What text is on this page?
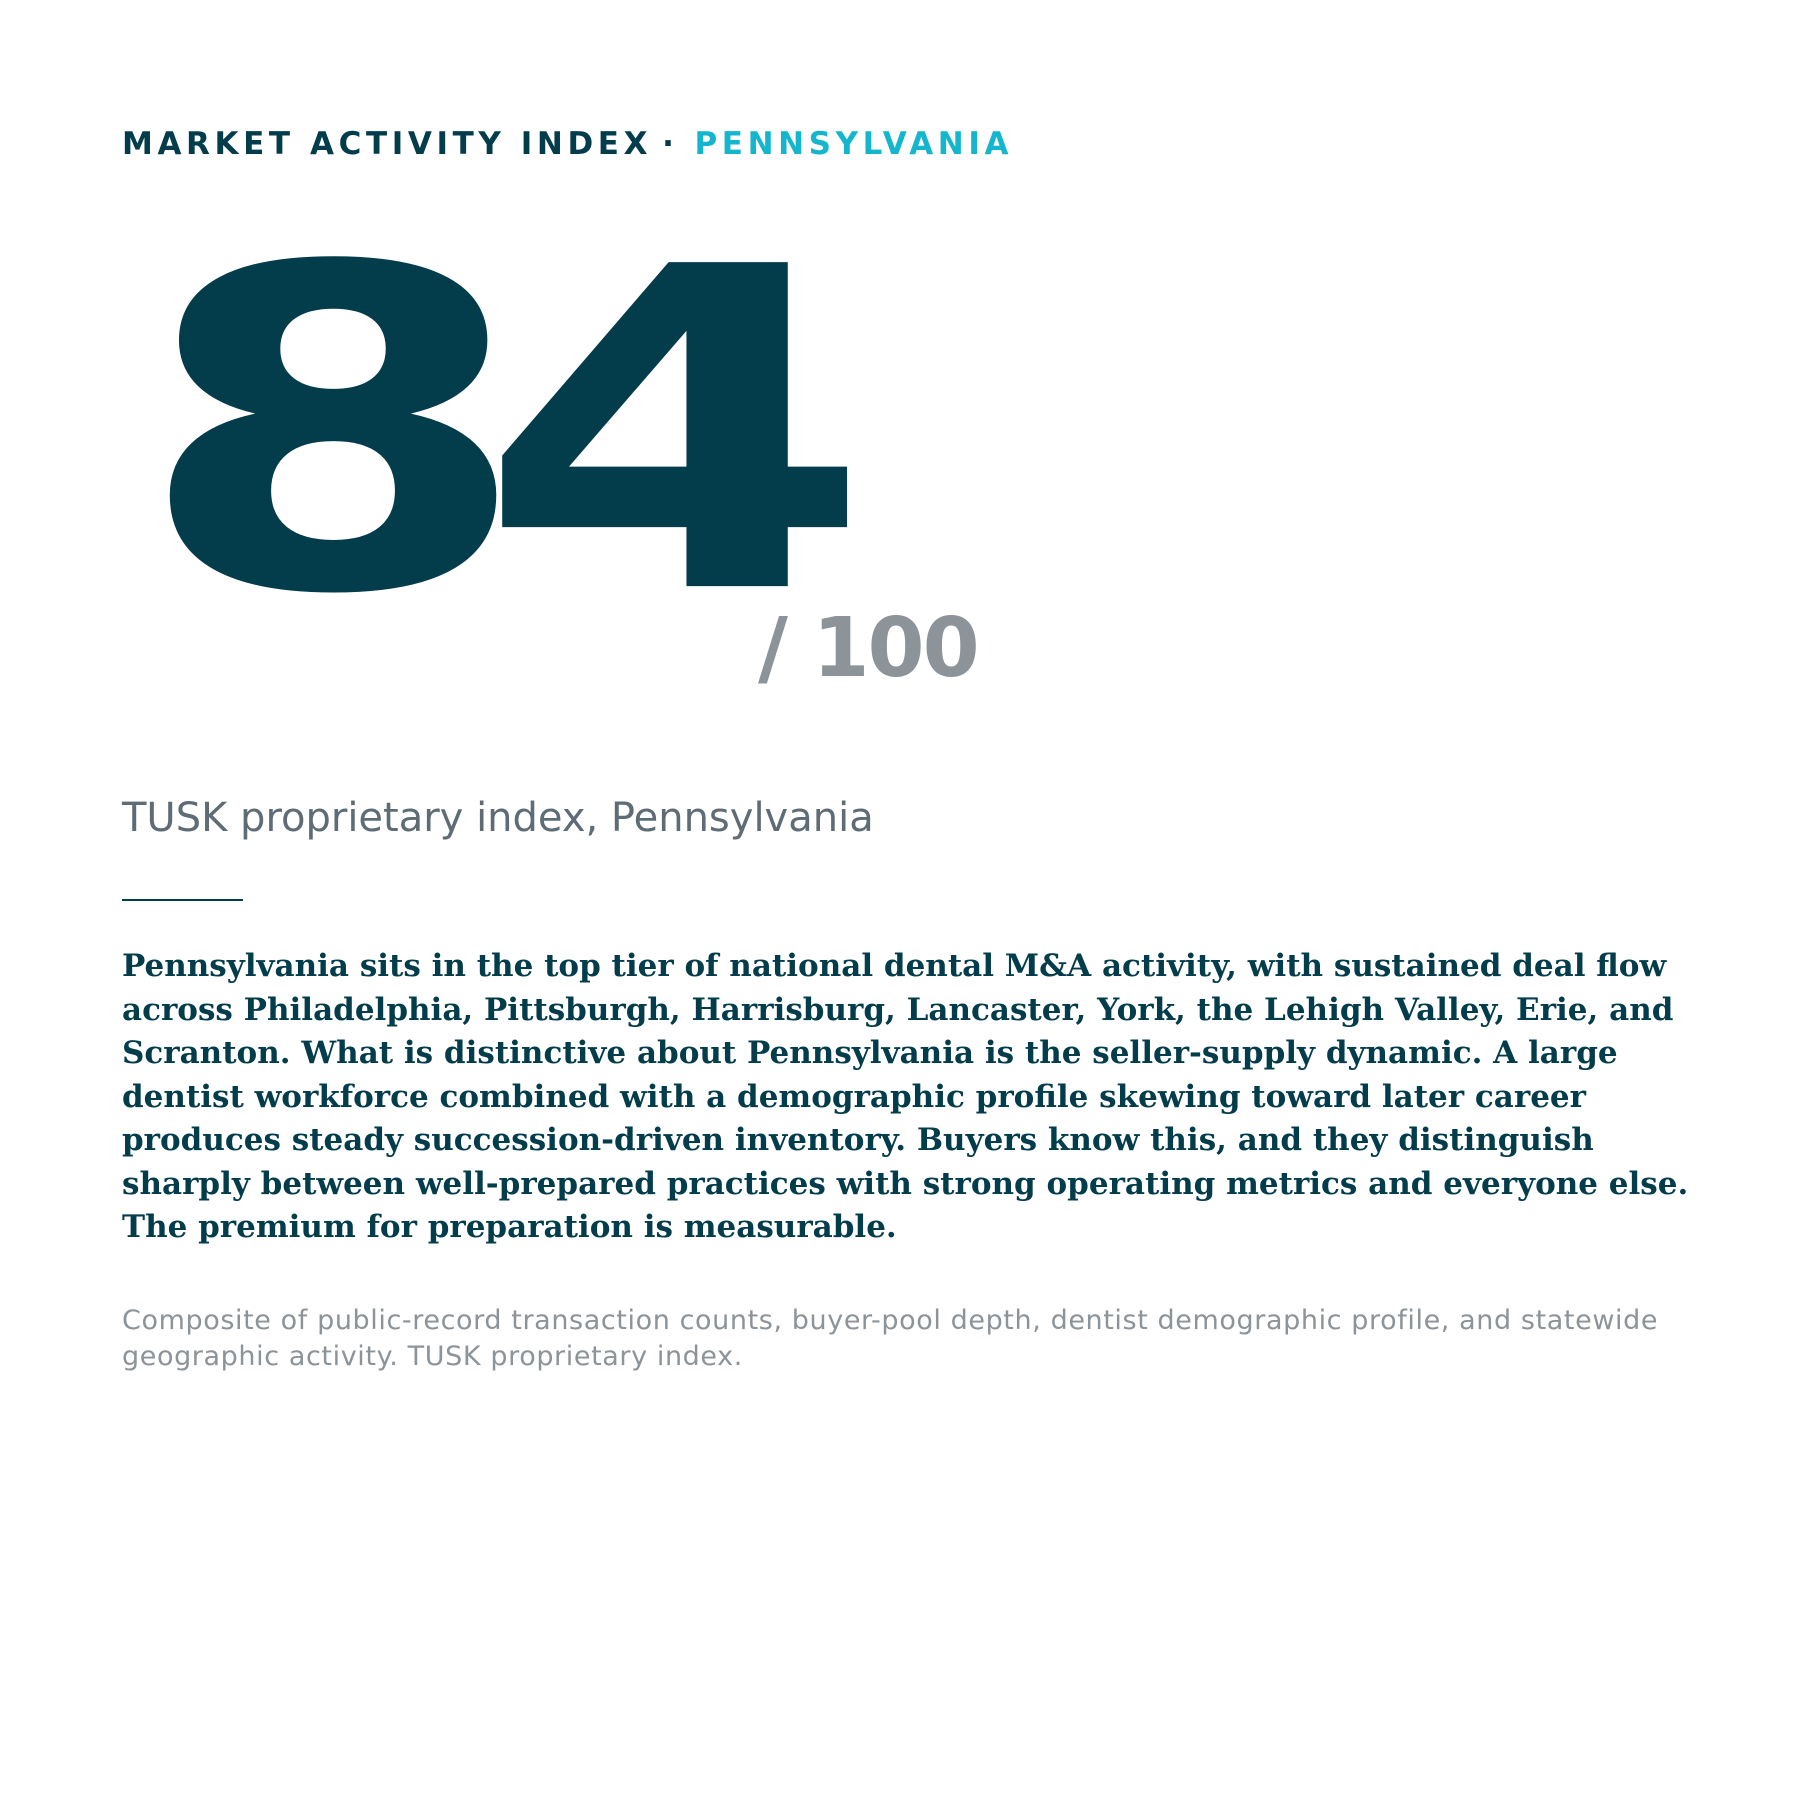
MARKET ACTIVITY INDEX · PENNSYLVANIA
84
/ 100
TUSK proprietary index, Pennsylvania
Pennsylvania sits in the top tier of national dental M&A activity, with sustained deal flow across Philadelphia, Pittsburgh, Harrisburg, Lancaster, York, the Lehigh Valley, Erie, and Scranton. What is distinctive about Pennsylvania is the seller-supply dynamic. A large dentist workforce combined with a demographic profile skewing toward later career produces steady succession-driven inventory. Buyers know this, and they distinguish sharply between well-prepared practices with strong operating metrics and everyone else. The premium for preparation is measurable.
Composite of public-record transaction counts, buyer-pool depth, dentist demographic profile, and statewide geographic activity. TUSK proprietary index.
